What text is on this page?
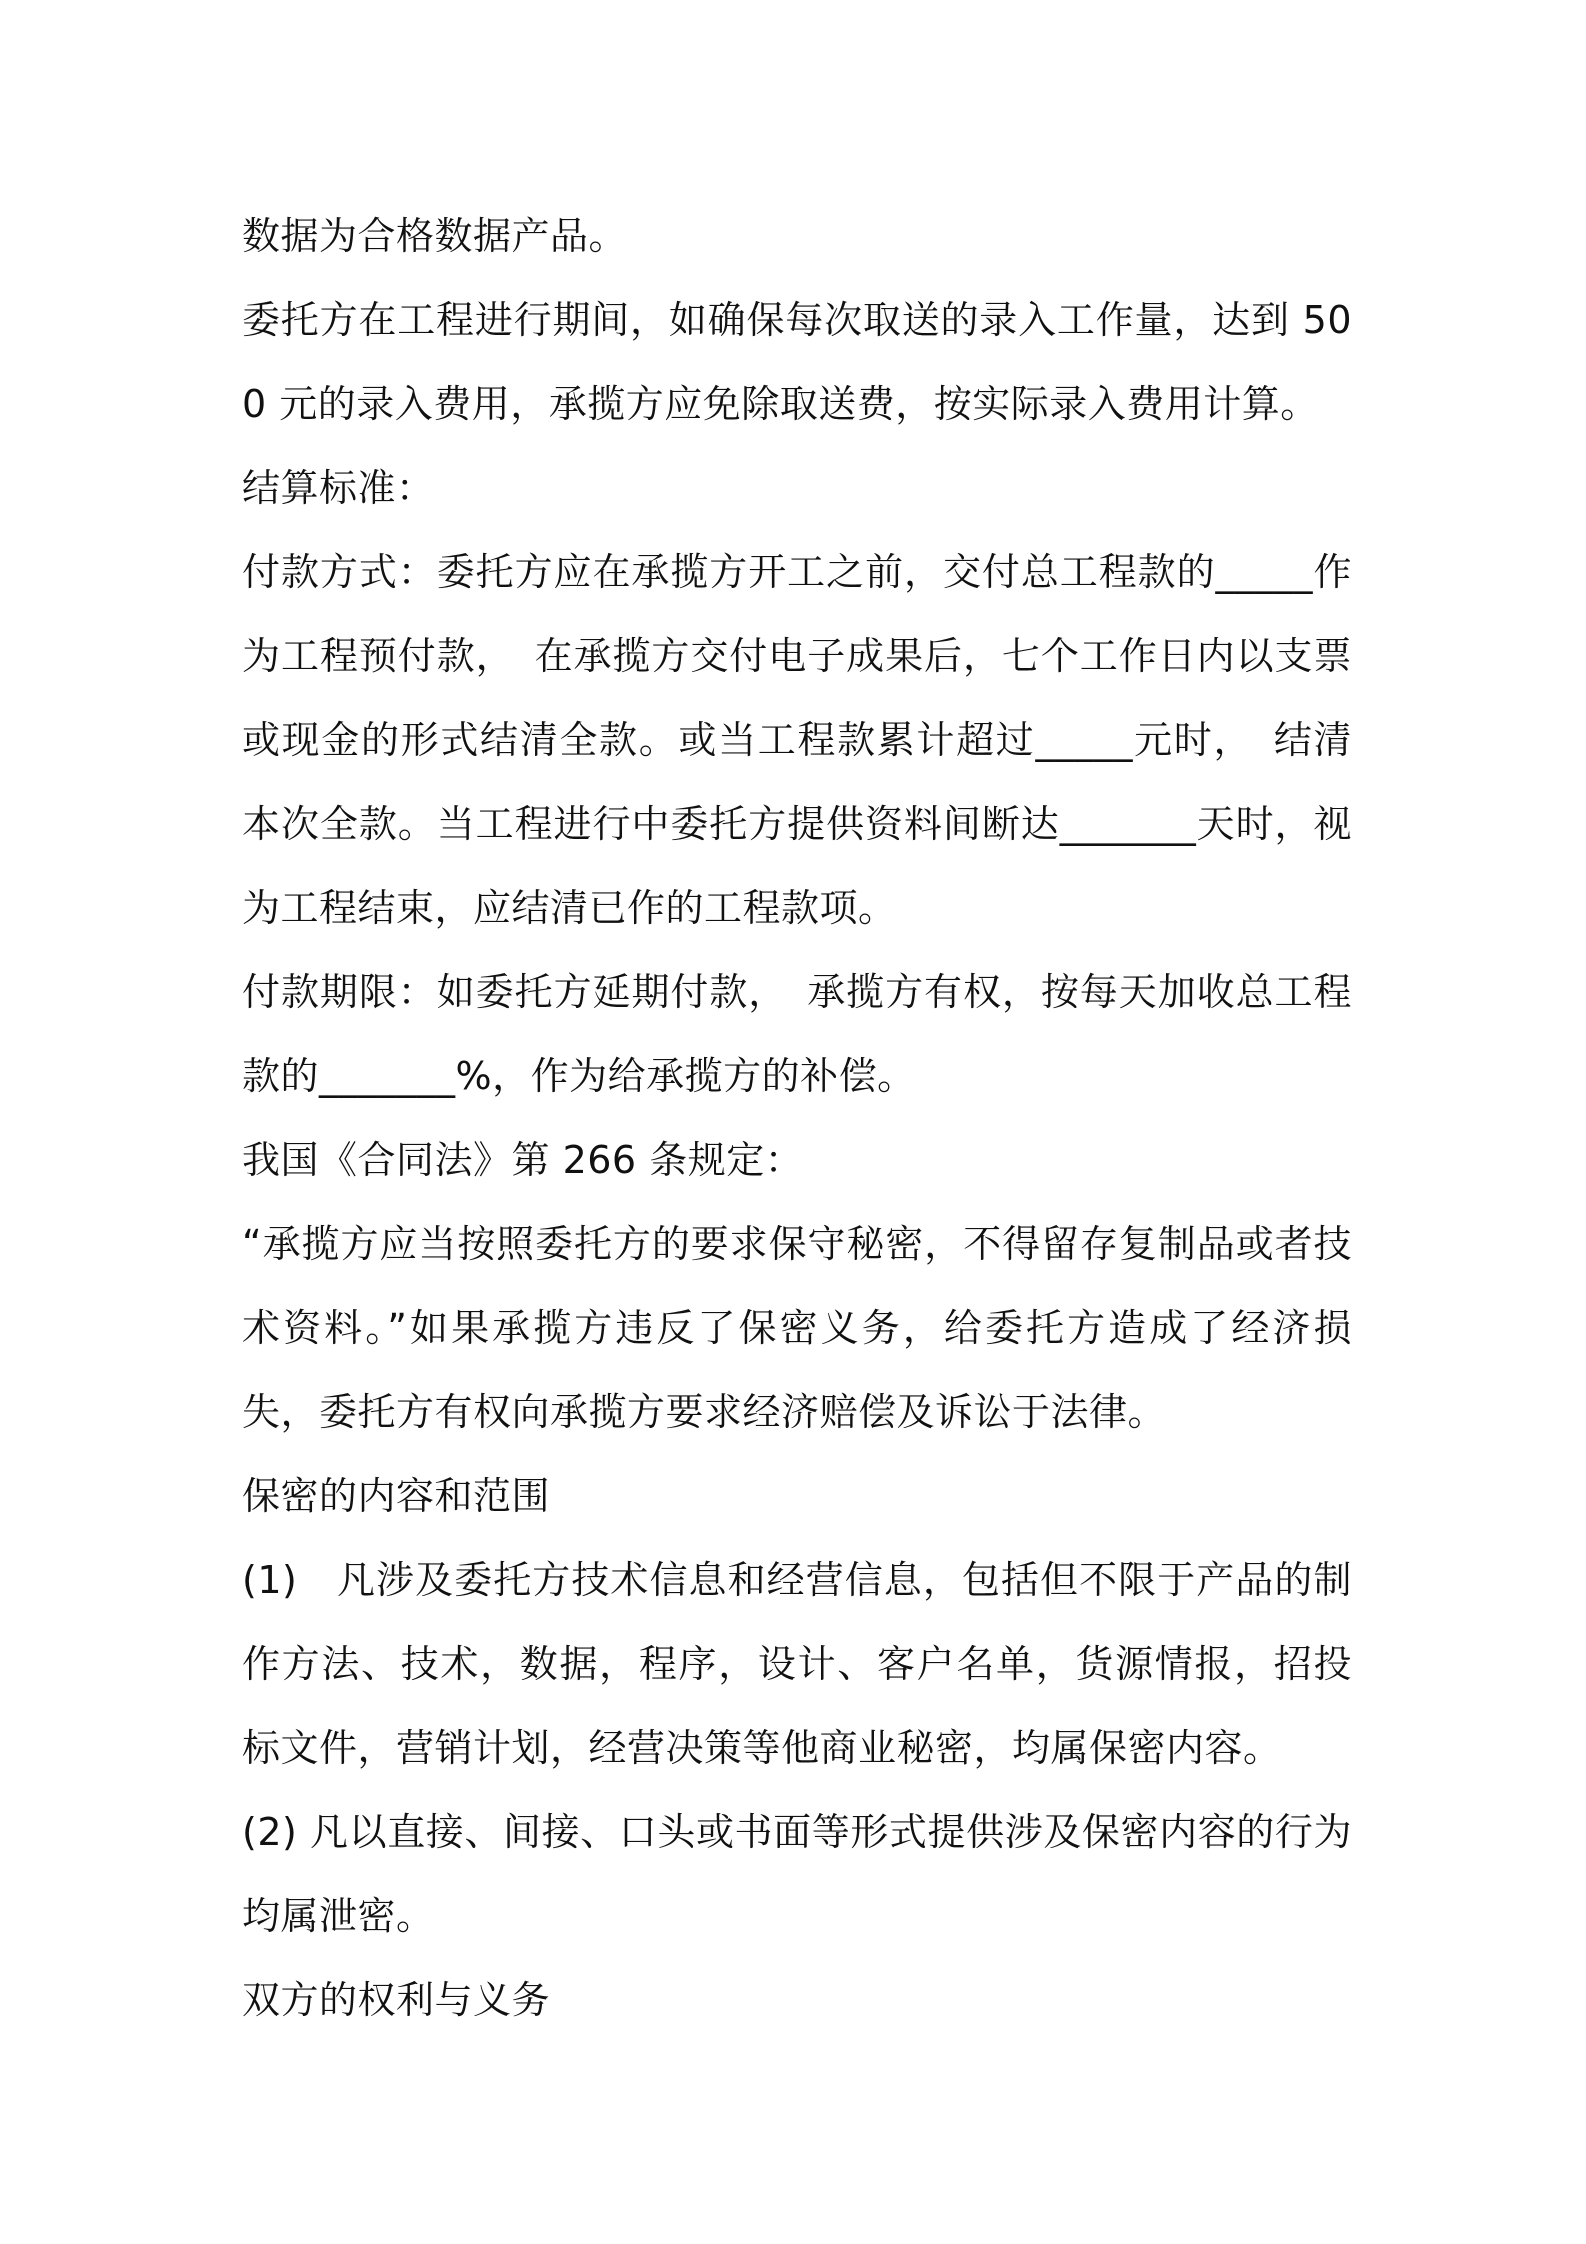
数据为合格数据产品。

委托方在工程进行期间，如确保每次取送的录入工作量，达到 500 元的录入费用，承揽方应免除取送费，按实际录入费用计算。

结算标准：

付款方式：委托方应在承揽方开工之前，交付总工程款的_____作为工程预付款，　在承揽方交付电子成果后，七个工作日内以支票或现金的形式结清全款。或当工程款累计超过_____元时，　结清本次全款。当工程进行中委托方提供资料间断达_______天时，视为工程结束，应结清已作的工程款项。

付款期限：如委托方延期付款，　承揽方有权，按每天加收总工程款的_______%，作为给承揽方的补偿。

我国《合同法》第 266 条规定：

“承揽方应当按照委托方的要求保守秘密，不得留存复制品或者技术资料。”如果承揽方违反了保密义务，给委托方造成了经济损失，委托方有权向承揽方要求经济赔偿及诉讼于法律。

保密的内容和范围

(1)　凡涉及委托方技术信息和经营信息，包括但不限于产品的制作方法、技术，数据，程序，设计、客户名单，货源情报，招投标文件，营销计划，经营决策等他商业秘密，均属保密内容。

(2) 凡以直接、间接、口头或书面等形式提供涉及保密内容的行为均属泄密。

双方的权利与义务
